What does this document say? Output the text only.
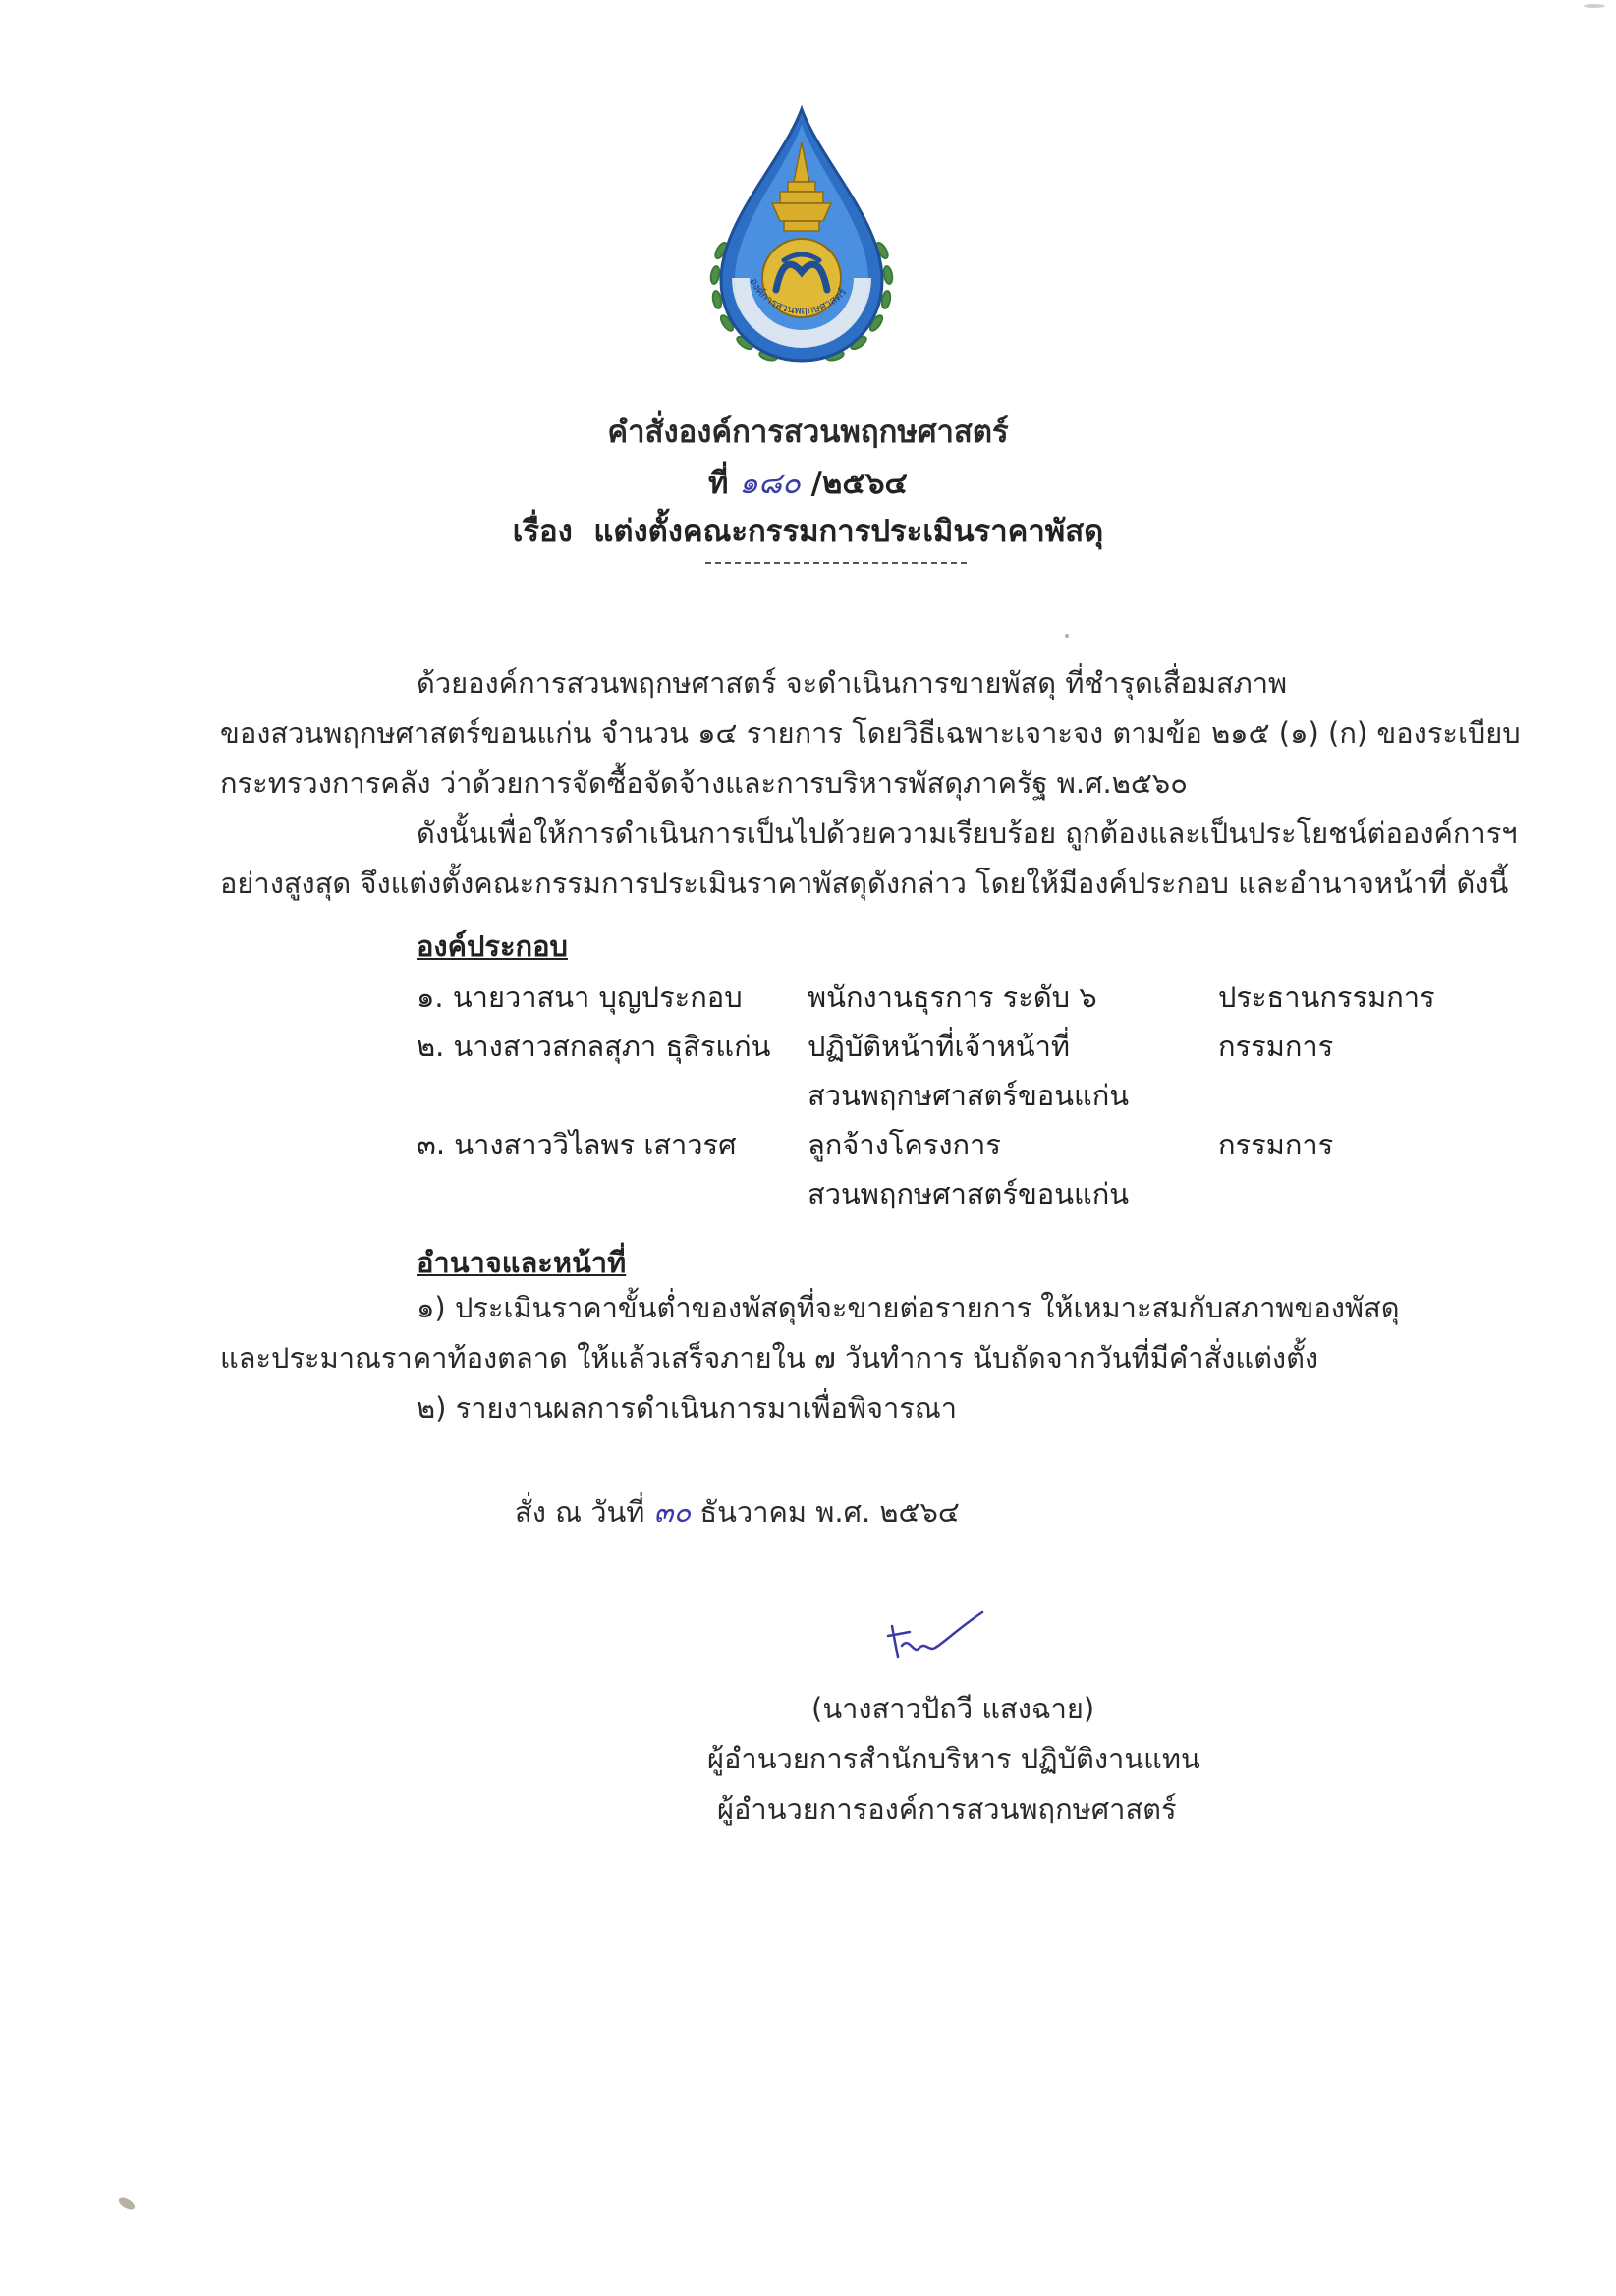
องค์การสวนพฤกษศาสตร์
คำสั่งองค์การสวนพฤกษศาสตร์
ที่ ๑๘๐ /๒๕๖๔
เรื่อง แต่งตั้งคณะกรรมการประเมินราคาพัสดุ
ด้วยองค์การสวนพฤกษศาสตร์ จะดำเนินการขายพัสดุ ที่ชำรุดเสื่อมสภาพ
ของสวนพฤกษศาสตร์ขอนแก่น จำนวน ๑๔ รายการ โดยวิธีเฉพาะเจาะจง ตามข้อ ๒๑๕ (๑) (ก) ของระเบียบ
กระทรวงการคลัง ว่าด้วยการจัดซื้อจัดจ้างและการบริหารพัสดุภาครัฐ พ.ศ.๒๕๖๐
ดังนั้นเพื่อให้การดำเนินการเป็นไปด้วยความเรียบร้อย ถูกต้องและเป็นประโยชน์ต่อองค์การฯ
อย่างสูงสุด จึงแต่งตั้งคณะกรรมการประเมินราคาพัสดุดังกล่าว โดยให้มีองค์ประกอบ และอำนาจหน้าที่ ดังนี้
องค์ประกอบ
๑. นายวาสนา บุญประกอบ พนักงานธุรการ ระดับ ๖	ประธานกรรมการ
๒. นางสาวสกลสุภา ธุสิรแก่น ปฏิบัติหน้าที่เจ้าหน้าที่
สวนพฤกษศาสตร์ขอนแก่น
กรรมการ
๓. นางสาววิไลพร เสาวรศ ลูกจ้างโครงการ
สวนพฤกษศาสตร์ขอนแก่น
กรรมการ
อำนาจและหน้าที่
๑) ประเมินราคาขั้นต่ำของพัสดุที่จะขายต่อรายการ ให้เหมาะสมกับสภาพของพัสดุ
และประมาณราคาท้องตลาด ให้แล้วเสร็จภายใน ๗ วันทำการ นับถัดจากวันที่มีคำสั่งแต่งตั้ง
๒) รายงานผลการดำเนินการมาเพื่อพิจารณา
สั่ง ณ วันที่ ๓๐ ธันวาคม พ.ศ. ๒๕๖๔
(นางสาวปัถวี แสงฉาย)
ผู้อำนวยการสำนักบริหาร ปฏิบัติงานแทน
ผู้อำนวยการองค์การสวนพฤกษศาสตร์
